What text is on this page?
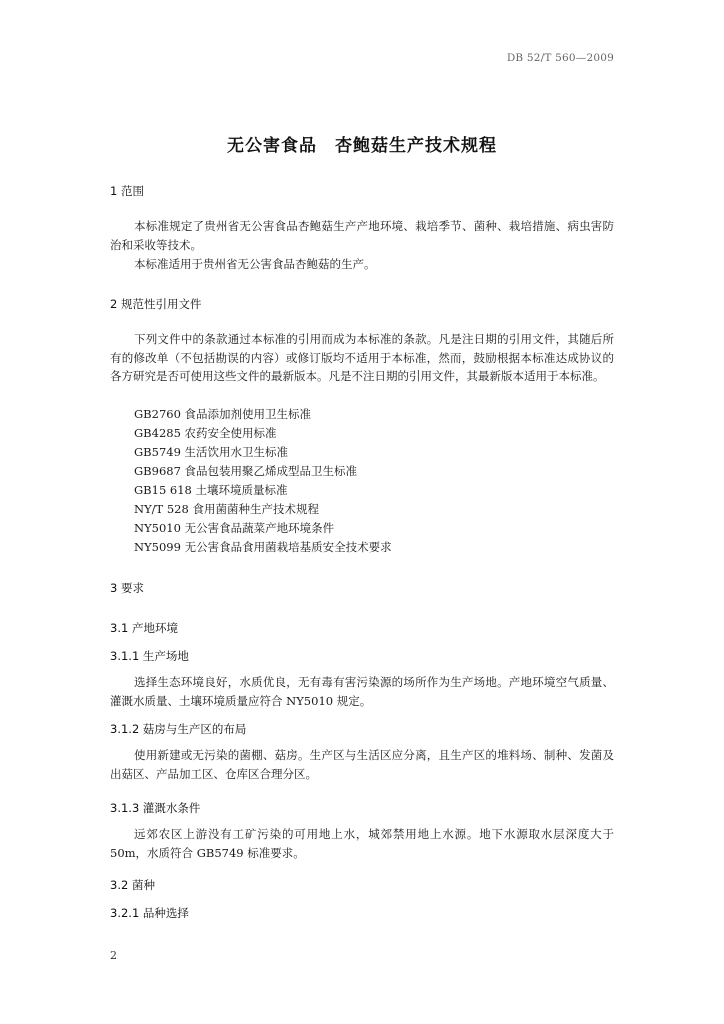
DB 52/T 560—2009
无公害食品　杏鲍菇生产技术规程
1 范围
本标准规定了贵州省无公害食品杏鲍菇生产产地环境、栽培季节、菌种、栽培措施、病虫害防治和采收等技术。
本标准适用于贵州省无公害食品杏鲍菇的生产。
2 规范性引用文件
下列文件中的条款通过本标准的引用而成为本标准的条款。凡是注日期的引用文件，其随后所有的修改单（不包括勘误的内容）或修订版均不适用于本标准，然而，鼓励根据本标准达成协议的各方研究是否可使用这些文件的最新版本。凡是不注日期的引用文件，其最新版本适用于本标准。
GB2760 食品添加剂使用卫生标准
GB4285 农药安全使用标准
GB5749 生活饮用水卫生标准
GB9687 食品包装用聚乙烯成型品卫生标准
GB15 618 土壤环境质量标准
NY/T 528 食用菌菌种生产技术规程
NY5010 无公害食品蔬菜产地环境条件
NY5099 无公害食品食用菌栽培基质安全技术要求
3 要求
3.1 产地环境
3.1.1 生产场地
选择生态环境良好，水质优良，无有毒有害污染源的场所作为生产场地。产地环境空气质量、灌溉水质量、土壤环境质量应符合 NY5010 规定。
3.1.2 菇房与生产区的布局
使用新建或无污染的菌棚、菇房。生产区与生活区应分离，且生产区的堆料场、制种、发菌及出菇区、产品加工区、仓库区合理分区。
3.1.3 灌溉水条件
远郊农区上游没有工矿污染的可用地上水，城郊禁用地上水源。地下水源取水层深度大于 50m，水质符合 GB5749 标准要求。
3.2 菌种
3.2.1 品种选择
2
